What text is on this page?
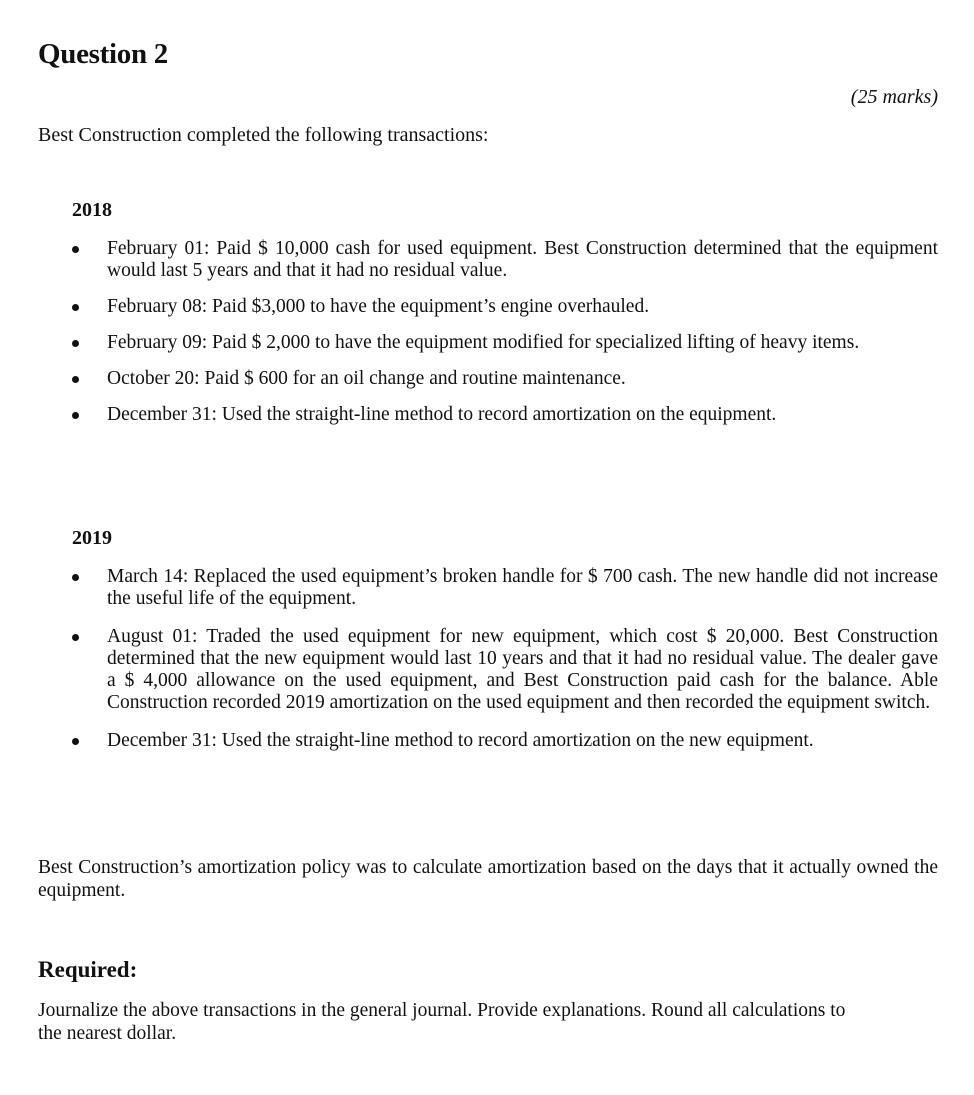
Question 2

(25 marks)

Best Construction completed the following transactions:

2018
February 01: Paid $ 10,000 cash for used equipment. Best Construction determined that the equipment would last 5 years and that it had no residual value.
February 08: Paid $3,000 to have the equipment’s engine overhauled.
February 09: Paid $ 2,000 to have the equipment modified for specialized lifting of heavy items.
October 20: Paid $ 600 for an oil change and routine maintenance.
December 31: Used the straight-line method to record amortization on the equipment.
2019
March 14: Replaced the used equipment’s broken handle for $ 700 cash. The new handle did not increase the useful life of the equipment.
August 01: Traded the used equipment for new equipment, which cost $ 20,000. Best Construction determined that the new equipment would last 10 years and that it had no residual value. The dealer gave a $ 4,000 allowance on the used equipment, and Best Construction paid cash for the balance. Able Construction recorded 2019 amortization on the used equipment and then recorded the equipment switch.
December 31: Used the straight-line method to record amortization on the new equipment.

Best Construction’s amortization policy was to calculate amortization based on the days that it actually owned the equipment.

Required:

Journalize the above transactions in the general journal. Provide explanations. Round all calculations to the nearest dollar.
